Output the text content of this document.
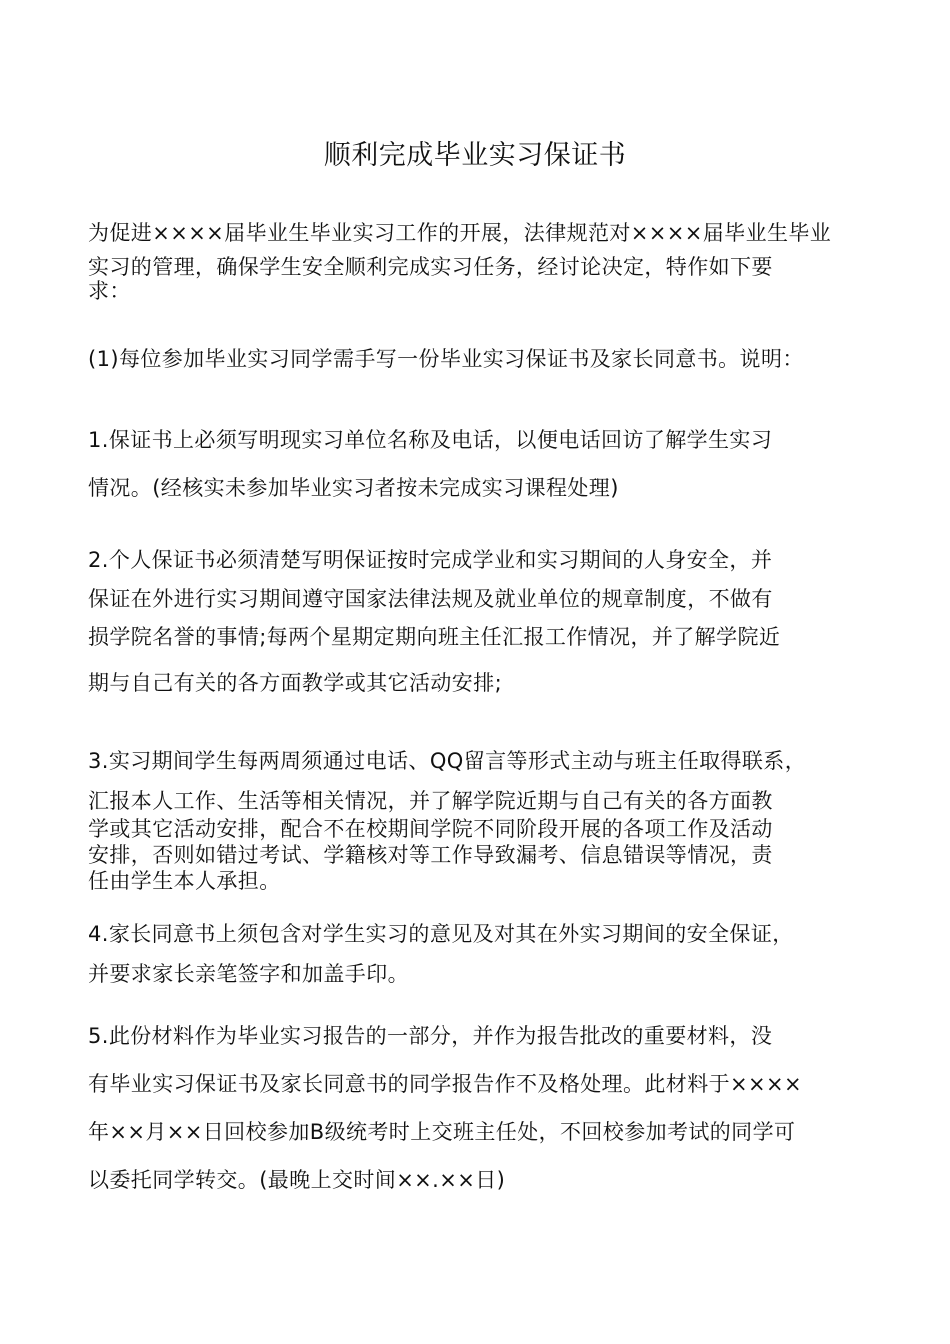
顺利完成毕业实习保证书
为促进××××届毕业生毕业实习工作的开展，法律规范对××××届毕业生毕业
实习的管理，确保学生安全顺利完成实习任务，经讨论决定，特作如下要
求：
(1)每位参加毕业实习同学需手写一份毕业实习保证书及家长同意书。说明：
1.保证书上必须写明现实习单位名称及电话，以便电话回访了解学生实习
情况。(经核实未参加毕业实习者按未完成实习课程处理)
2.个人保证书必须清楚写明保证按时完成学业和实习期间的人身安全，并
保证在外进行实习期间遵守国家法律法规及就业单位的规章制度，不做有
损学院名誉的事情;每两个星期定期向班主任汇报工作情况，并了解学院近
期与自己有关的各方面教学或其它活动安排;
3.实习期间学生每两周须通过电话、QQ留言等形式主动与班主任取得联系，
汇报本人工作、生活等相关情况，并了解学院近期与自己有关的各方面教
学或其它活动安排，配合不在校期间学院不同阶段开展的各项工作及活动
安排，否则如错过考试、学籍核对等工作导致漏考、信息错误等情况，责
任由学生本人承担。
4.家长同意书上须包含对学生实习的意见及对其在外实习期间的安全保证，
并要求家长亲笔签字和加盖手印。
5.此份材料作为毕业实习报告的一部分，并作为报告批改的重要材料，没
有毕业实习保证书及家长同意书的同学报告作不及格处理。此材料于××××
年××月××日回校参加B级统考时上交班主任处，不回校参加考试的同学可
以委托同学转交。(最晚上交时间××.××日)
